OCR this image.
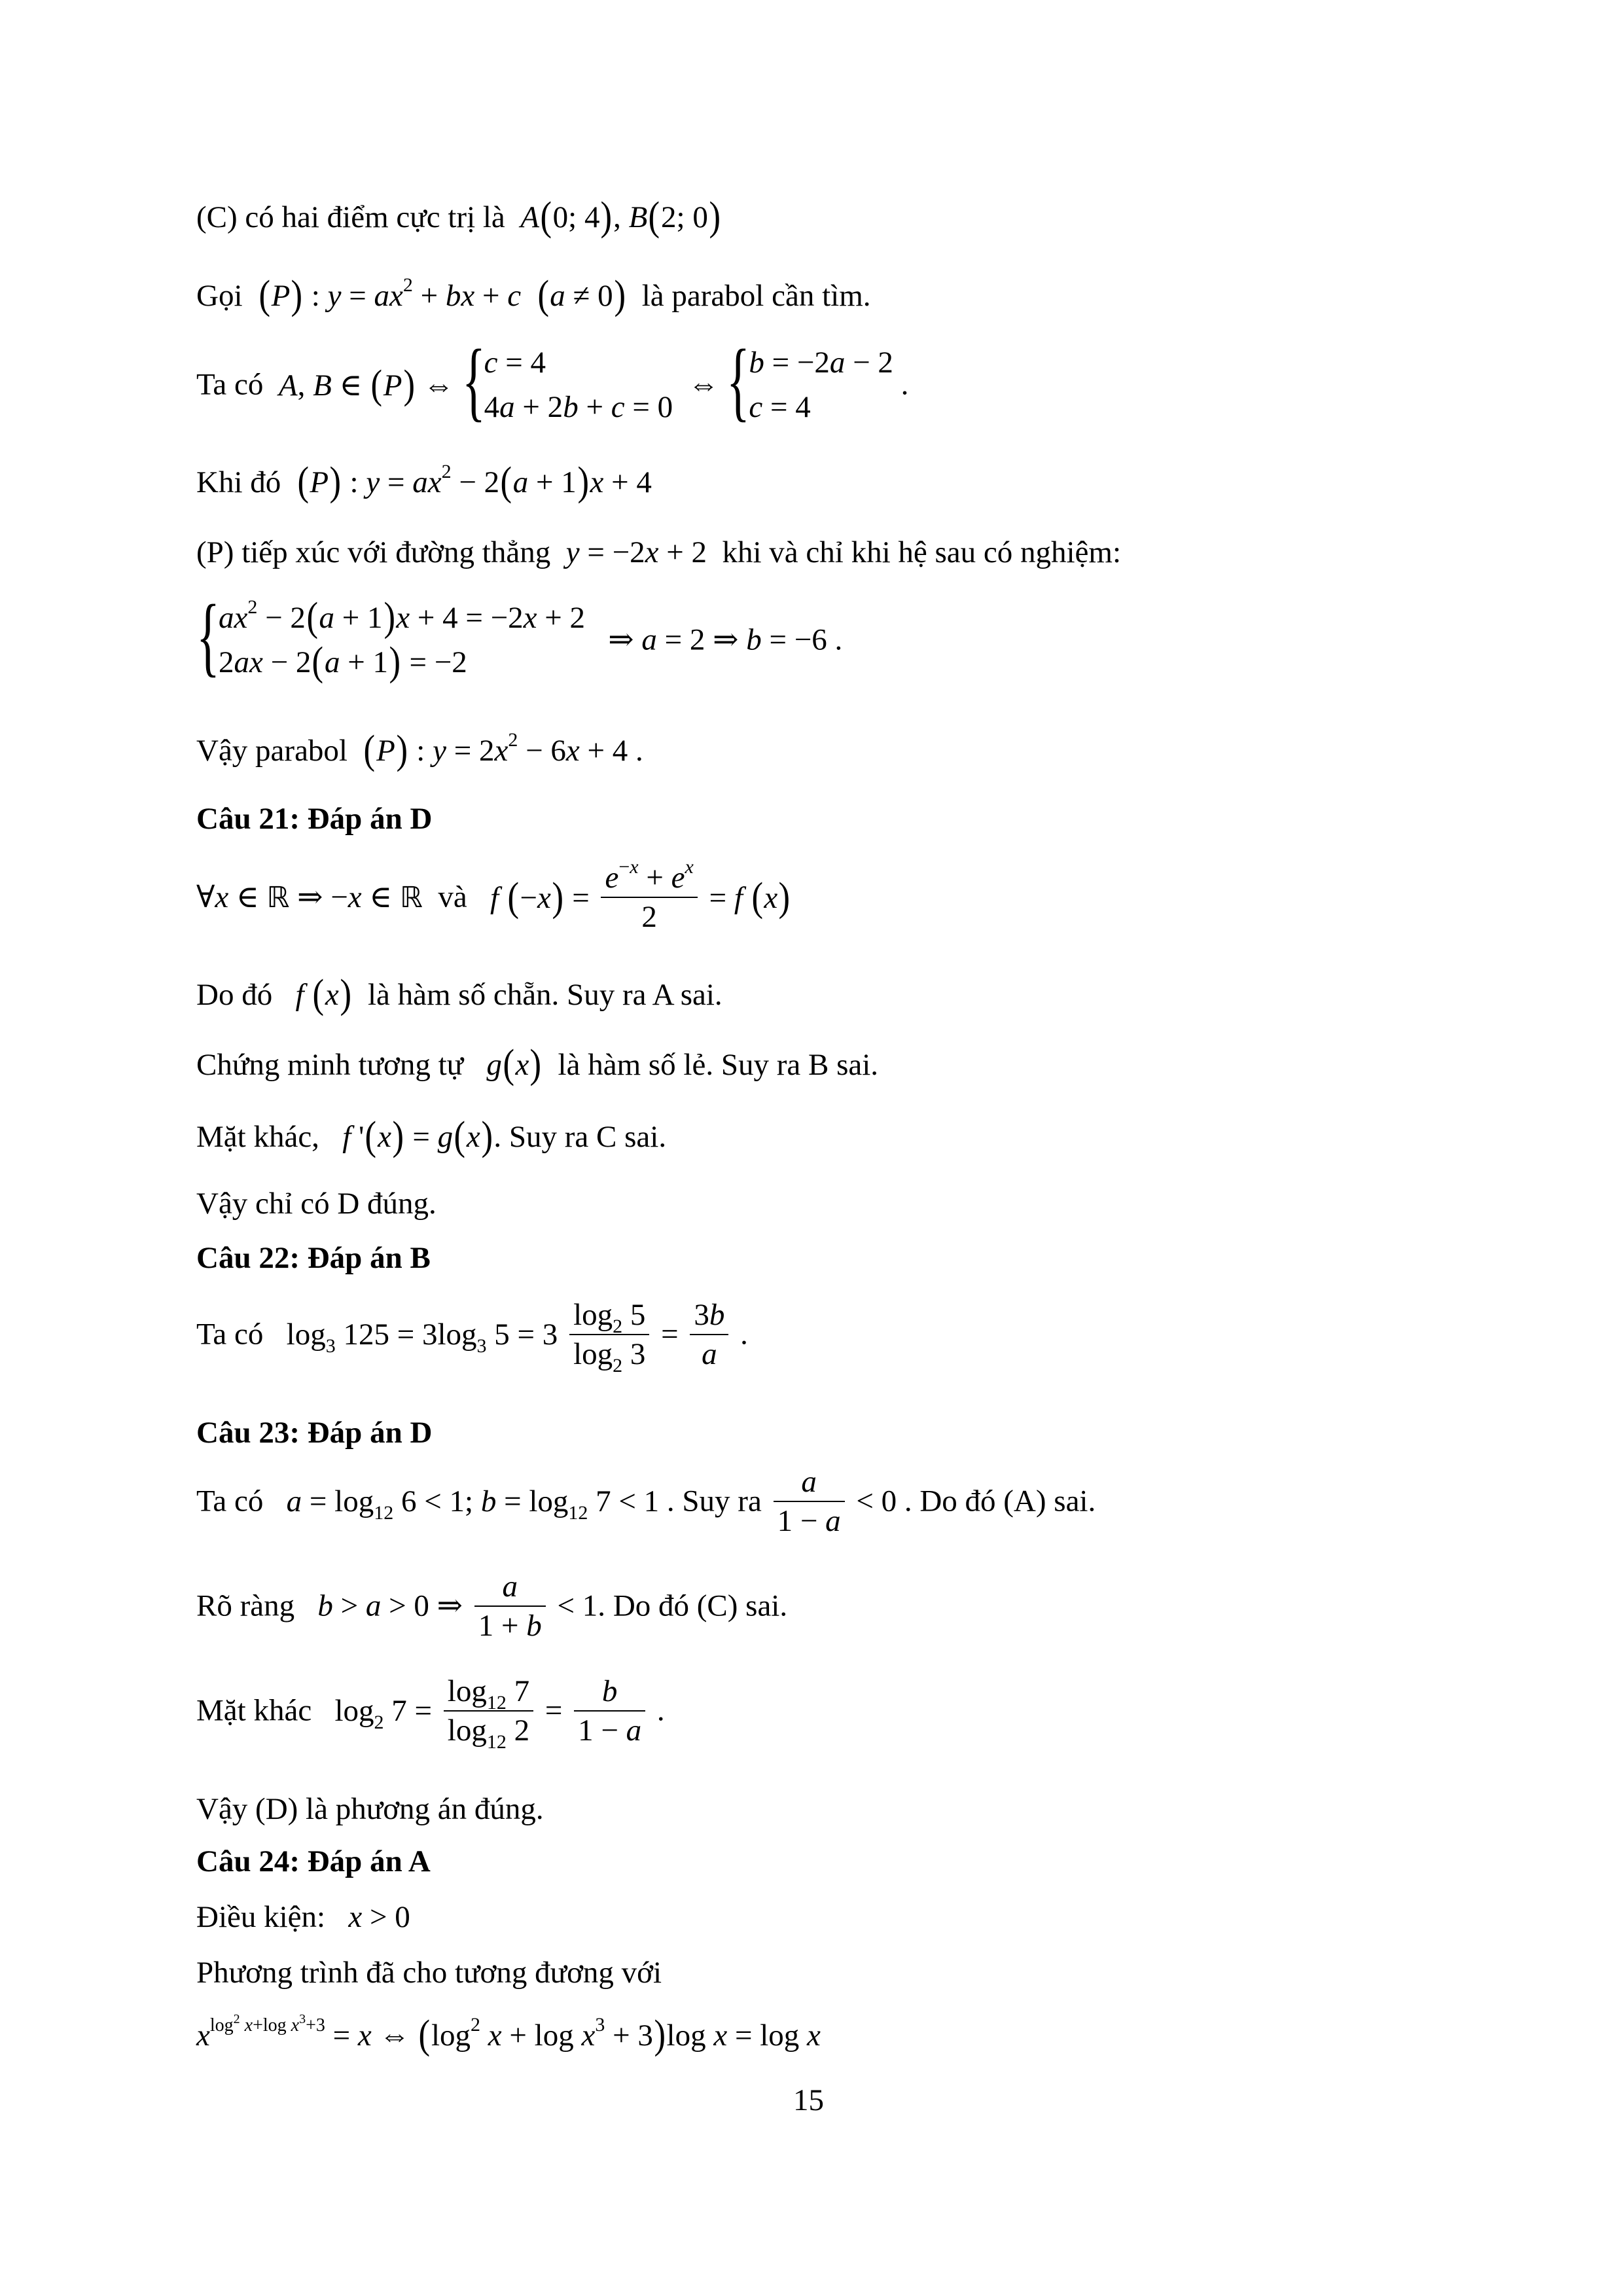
(C) có hai điểm cực trị là A(0; 4), B(2; 0)
Gọi (P) : $y = ax^2$ + bx + c (a ≠ 0) là parabol cần tìm.
Ta có A, B ∈ (P) ⇔ {
c = 4
4a + 2b + c = 0
⇔ {
b = −2a − 2
c = 4
.
Khi đó (P) : $y = ax^2 - 2(a + 1)x + 4$
(P) tiếp xúc với đường thẳng y = −2x + 2  khi và chỉ khi hệ sau có nghiệm:
{
$ax^2 - 2(a + 1)x + 4 = -2x + 2$
2ax − 2(a + 1) = −2
⇒ a = 2 ⇒ b = −6 .
Vậy parabol (P) : $y = 2x^2 - 6x + 4$ .
Câu 21: Đáp án D
∀x ∈ ℝ ⇒ −x ∈ ℝ và f $(-x) = \frac{e^{-x} + e^x}{2} = f$ (x)
Do đó f (x) là hàm số chẵn. Suy ra A sai.
Chứng minh tương tự g(x) là hàm số lẻ. Suy ra B sai.
Mặt khác, f '(x) = g(x). Suy ra C sai.
Vậy chỉ có D đúng.
Câu 22: Đáp án B
Ta có   $\log_3 125 = 3\log_3$ $5 = 3 \frac{\log_2 5}{\log_2 3} = \frac{3b}{a}$ .
Câu 23: Đáp án D
Ta có $a = \log_{12} 6 < 1$; $b = \log_{12} 7 < 1$ . Suy ra $\frac{a}{1 - a} < 0$ . Do đó (A) sai.
Rõ ràng b > a > 0 ⇒ $\frac{a}{1 + b} < 1$. Do đó (C) sai.
Mặt khác   $\log_2 7 = \frac{\log_{12} 7}{\log_{12} 2} = \frac{b}{1 - a}$ .
Vậy (D) là phương án đúng.
Câu 24: Đáp án A
Điều kiện: x > 0
Phương trình đã cho tương đương với
$x^{log^2 x+log x^3+3} = x$ ⇔ ($\log^2$ $x + \log x^3 + 3)\log$ x = log x
15
